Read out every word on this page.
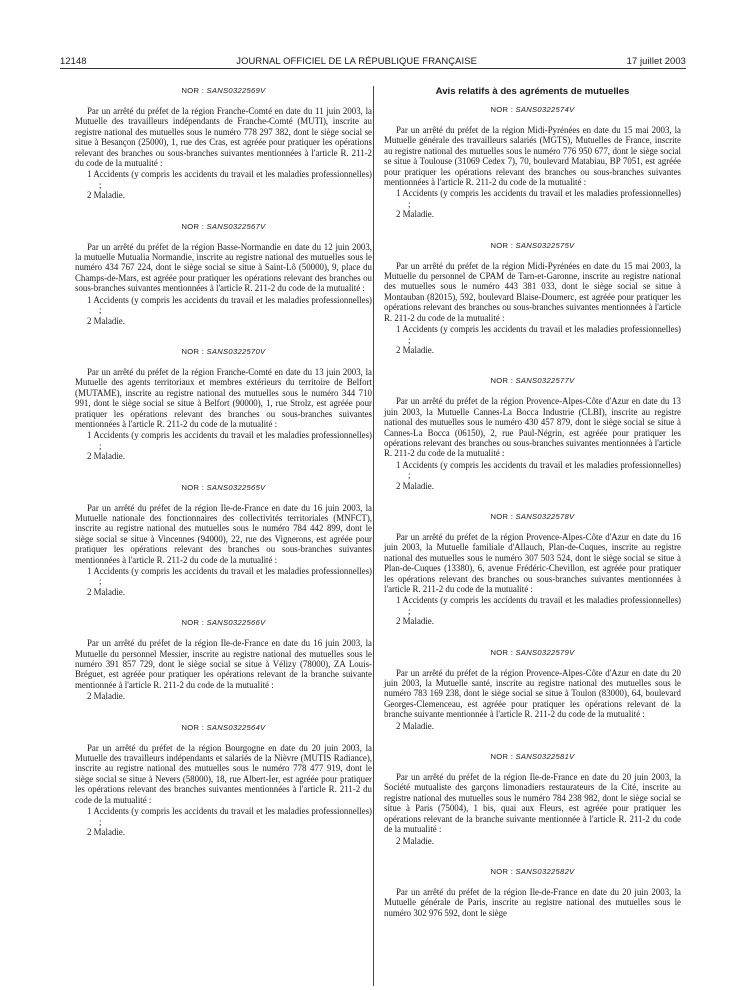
12148	JOURNAL OFFICIEL DE LA RÉPUBLIQUE FRANÇAISE	17 juillet 2003
NOR : SANS0322569V
Par un arrêté du préfet de la région Franche-Comté en date du 11 juin 2003, la Mutuelle des travailleurs indépendants de Franche-Comté (MUTI), inscrite au registre national des mutuelles sous le numéro 778 297 382, dont le siège social se situe à Besançon (25000), 1, rue des Cras, est agréée pour pratiquer les opérations relevant des branches ou sous-branches suivantes mentionnées à l'article R. 211-2 du code de la mutualité :
1 Accidents (y compris les accidents du travail et les maladies professionnelles) ;
2 Maladie.
NOR : SANS0322567V
Par un arrêté du préfet de la région Basse-Normandie en date du 12 juin 2003, la mutuelle Mutualia Normandie, inscrite au registre national des mutuelles sous le numéro 434 767 224, dont le siège social se situe à Saint-Lô (50000), 9, place du Champs-de-Mars, est agréée pour pratiquer les opérations relevant des branches ou sous-branches suivantes mentionnées à l'article R. 211-2 du code de la mutualité :
1 Accidents (y compris les accidents du travail et les maladies professionnelles) ;
2 Maladie.
NOR : SANS0322570V
Par un arrêté du préfet de la région Franche-Comté en date du 13 juin 2003, la Mutuelle des agents territoriaux et membres extérieurs du territoire de Belfort (MUTAME), inscrite au registre national des mutuelles sous le numéro 344 710 991, dont le siège social se situe à Belfort (90000), 1, rue Strolz, est agréée pour pratiquer les opérations relevant des branches ou sous-branches suivantes mentionnées à l'article R. 211-2 du code de la mutualité :
1 Accidents (y compris les accidents du travail et les maladies professionnelles) ;
2 Maladie.
NOR : SANS0322565V
Par un arrêté du préfet de la région Ile-de-France en date du 16 juin 2003, la Mutuelle nationale des fonctionnaires des collectivités territoriales (MNFCT), inscrite au registre national des mutuelles sous le numéro 784 442 899, dont le siège social se situe à Vincennes (94000), 22, rue des Vignerons, est agréée pour pratiquer les opérations relevant des branches ou sous-branches suivantes mentionnées à l'article R. 211-2 du code de la mutualité :
1 Accidents (y compris les accidents du travail et les maladies professionnelles) ;
2 Maladie.
NOR : SANS0322566V
Par un arrêté du préfet de la région Ile-de-France en date du 16 juin 2003, la Mutuelle du personnel Messier, inscrite au registre national des mutuelles sous le numéro 391 857 729, dont le siège social se situe à Vélizy (78000), ZA Louis-Bréguet, est agréée pour pratiquer les opérations relevant de la branche suivante mentionnée à l'article R. 211-2 du code de la mutualité :
2 Maladie.
NOR : SANS0322564V
Par un arrêté du préfet de la région Bourgogne en date du 20 juin 2003, la Mutuelle des travailleurs indépendants et salariés de la Nièvre (MUTIS Radiance), inscrite au registre national des mutuelles sous le numéro 778 477 919, dont le siège social se situe à Nevers (58000), 18, rue Albert-Ier, est agréée pour pratiquer les opérations relevant des branches suivantes mentionnées à l'article R. 211-2 du code de la mutualité :
1 Accidents (y compris les accidents du travail et les maladies professionnelles) ;
2 Maladie.
Avis relatifs à des agréments de mutuelles
NOR : SANS0322574V
Par un arrêté du préfet de la région Midi-Pyrénées en date du 15 mai 2003, la Mutuelle générale des travailleurs salariés (MGTS), Mutuelles de France, inscrite au registre national des mutuelles sous le numéro 776 950 677, dont le siège social se situe à Toulouse (31069 Cedex 7), 70, boulevard Matabiau, BP 7051, est agréée pour pratiquer les opérations relevant des branches ou sous-branches suivantes mentionnées à l'article R. 211-2 du code de la mutualité :
1 Accidents (y compris les accidents du travail et les maladies professionnelles) ;
2 Maladie.
NOR : SANS0322575V
Par un arrêté du préfet de la région Midi-Pyrénées en date du 15 mai 2003, la Mutuelle du personnel de CPAM de Tarn-et-Garonne, inscrite au registre national des mutuelles sous le numéro 443 381 033, dont le siège social se situe à Montauban (82015), 592, boulevard Blaise-Doumerc, est agréée pour pratiquer les opérations relevant des branches ou sous-branches suivantes mentionnées à l'article R. 211-2 du code de la mutualité :
1 Accidents (y compris les accidents du travail et les maladies professionnelles) ;
2 Maladie.
NOR : SANS0322577V
Par un arrêté du préfet de la région Provence-Alpes-Côte d'Azur en date du 13 juin 2003, la Mutuelle Cannes-La Bocca Industrie (CLBI), inscrite au registre national des mutuelles sous le numéro 430 457 879, dont le siège social se situe à Cannes-La Bocca (06150), 2, rue Paul-Négrin, est agréée pour pratiquer les opérations relevant des branches ou sous-branches suivantes mentionnées à l'article R. 211-2 du code de la mutualité :
1 Accidents (y compris les accidents du travail et les maladies professionnelles) ;
2 Maladie.
NOR : SANS0322578V
Par un arrêté du préfet de la région Provence-Alpes-Côte d'Azur en date du 16 juin 2003, la Mutuelle familiale d'Allauch, Plan-de-Cuques, inscrite au registre national des mutuelles sous le numéro 307 503 524, dont le siège social se situe à Plan-de-Cuques (13380), 6, avenue Frédéric-Chevillon, est agréée pour pratiquer les opérations relevant des branches ou sous-branches suivantes mentionnées à l'article R. 211-2 du code de la mutualité :
1 Accidents (y compris les accidents du travail et les maladies professionnelles) ;
2 Maladie.
NOR : SANS0322579V
Par un arrêté du préfet de la région Provence-Alpes-Côte d'Azur en date du 20 juin 2003, la Mutuelle santé, inscrite au registre national des mutuelles sous le numéro 783 169 238, dont le siège social se situe à Toulon (83000), 64, boulevard Georges-Clemenceau, est agréée pour pratiquer les opérations relevant de la branche suivante mentionnée à l'article R. 211-2 du code de la mutualité :
2 Maladie.
NOR : SANS0322581V
Par un arrêté du préfet de la région Ile-de-France en date du 20 juin 2003, la Société mutualiste des garçons limonadiers restaurateurs de la Cité, inscrite au registre national des mutuelles sous le numéro 784 238 982, dont le siège social se situe à Paris (75004), 1 bis, quai aux Fleurs, est agréée pour pratiquer les opérations relevant de la branche suivante mentionnée à l'article R. 211-2 du code de la mutualité :
2 Maladie.
NOR : SANS0322582V
Par un arrêté du préfet de la région Ile-de-France en date du 20 juin 2003, la Mutuelle générale de Paris, inscrite au registre national des mutuelles sous le numéro 302 976 592, dont le siège
